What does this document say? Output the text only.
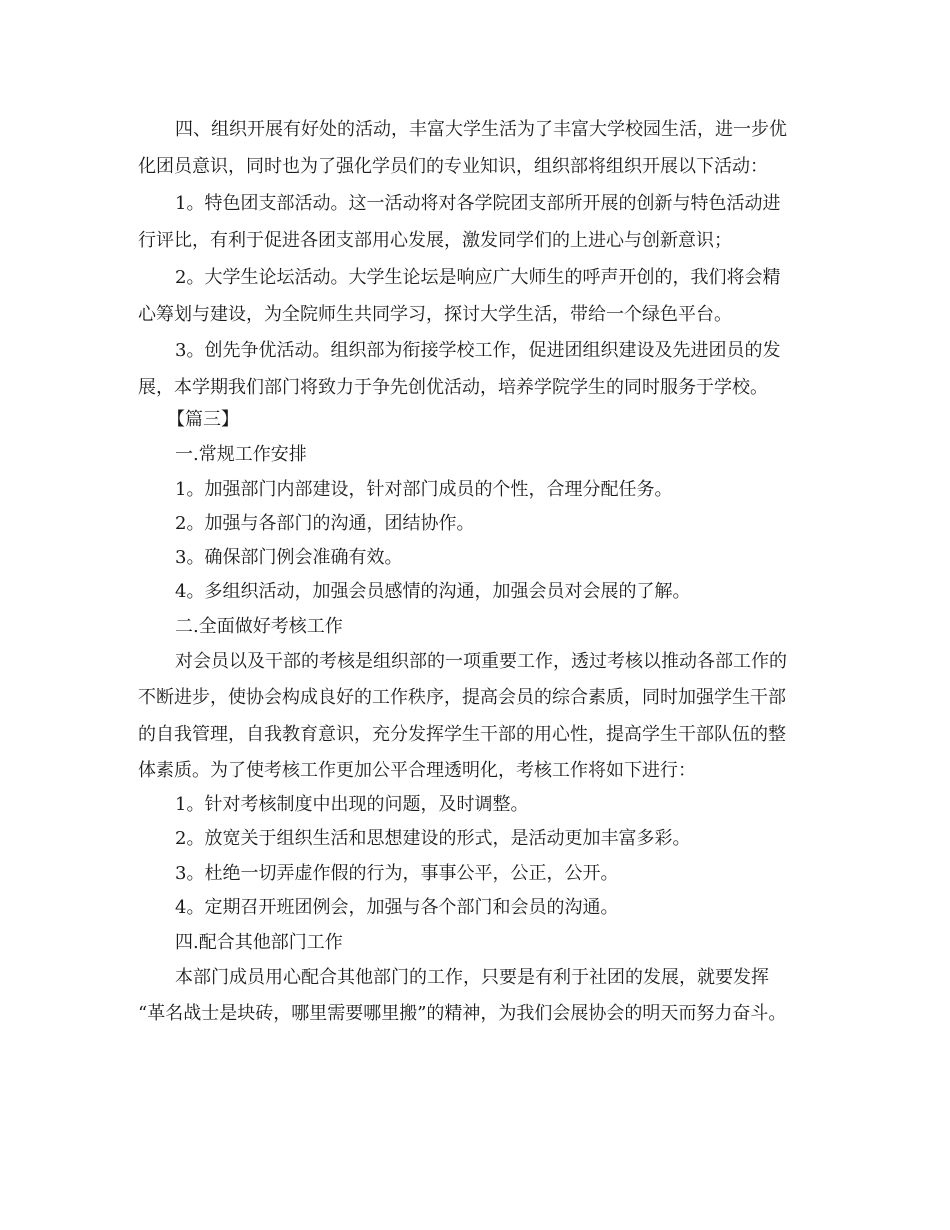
四、组织开展有好处的活动，丰富大学生活为了丰富大学校园生活，进一步优
化团员意识，同时也为了强化学员们的专业知识，组织部将组织开展以下活动：
1。特色团支部活动。这一活动将对各学院团支部所开展的创新与特色活动进
行评比，有利于促进各团支部用心发展，激发同学们的上进心与创新意识；
2。大学生论坛活动。大学生论坛是响应广大师生的呼声开创的，我们将会精
心筹划与建设，为全院师生共同学习，探讨大学生活，带给一个绿色平台。
3。创先争优活动。组织部为衔接学校工作，促进团组织建设及先进团员的发
展，本学期我们部门将致力于争先创优活动，培养学院学生的同时服务于学校。
【篇三】
一.常规工作安排
1。加强部门内部建设，针对部门成员的个性，合理分配任务。
2。加强与各部门的沟通，团结协作。
3。确保部门例会准确有效。
4。多组织活动，加强会员感情的沟通，加强会员对会展的了解。
二.全面做好考核工作
对会员以及干部的考核是组织部的一项重要工作，透过考核以推动各部工作的
不断进步，使协会构成良好的工作秩序，提高会员的综合素质，同时加强学生干部
的自我管理，自我教育意识，充分发挥学生干部的用心性，提高学生干部队伍的整
体素质。为了使考核工作更加公平合理透明化，考核工作将如下进行：
1。针对考核制度中出现的问题，及时调整。
2。放宽关于组织生活和思想建设的形式，是活动更加丰富多彩。
3。杜绝一切弄虚作假的行为，事事公平，公正，公开。
4。定期召开班团例会，加强与各个部门和会员的沟通。
四.配合其他部门工作
本部门成员用心配合其他部门的工作，只要是有利于社团的发展，就要发挥
“革名战士是块砖，哪里需要哪里搬”的精神，为我们会展协会的明天而努力奋斗。
